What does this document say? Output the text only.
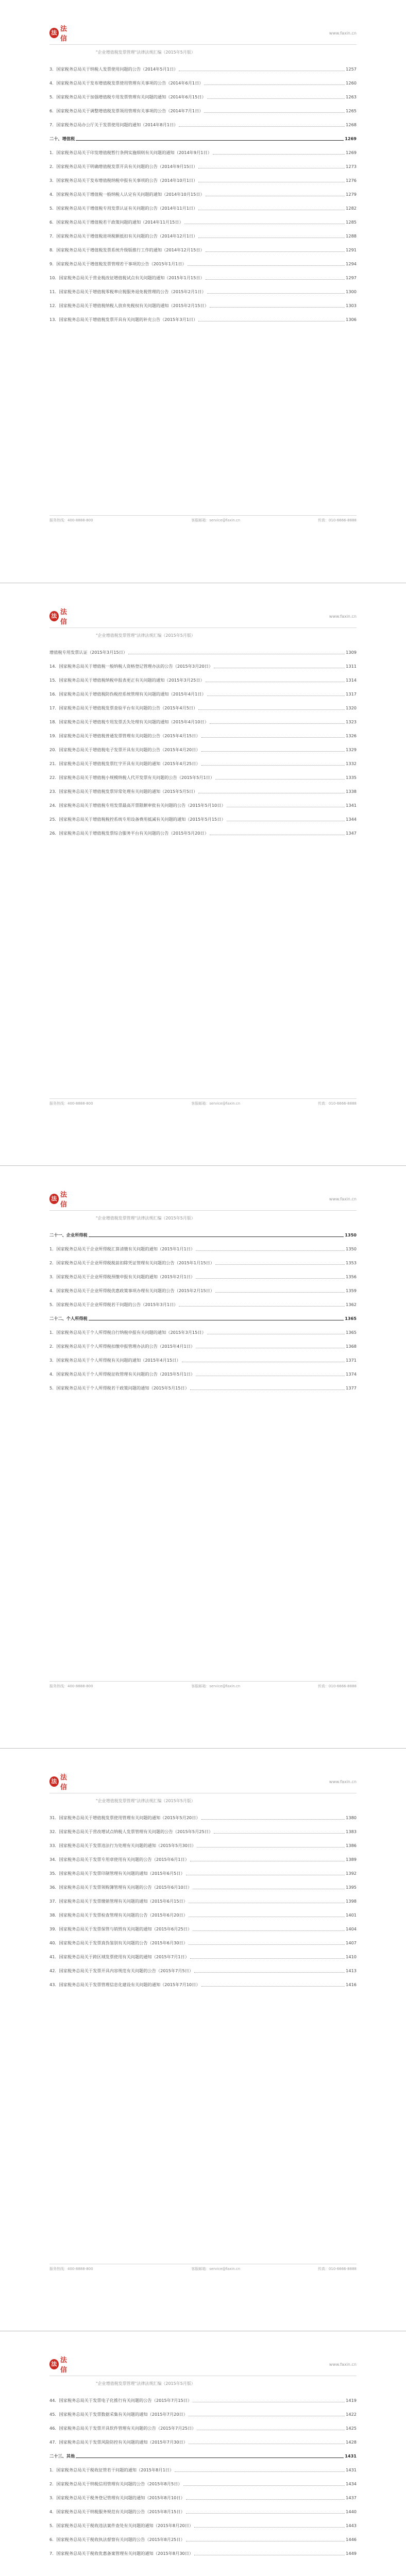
法 法信
www.faxin.cn
"企业增值税发票管理"法律法规汇编（2015年5月版）
3．国家税务总局关于纳税人发票使用问题的公告（2014年5月1日）	1257
4．国家税务总局关于发布增值税发票使用管理有关事项的公告（2014年6月1日）	1260
5．国家税务总局关于加强增值税专用发票管理有关问题的通知（2014年6月15日）	1263
6．国家税务总局关于调整增值税发票领用管理有关事项的公告（2014年7月1日）	1265
7．国家税务总局办公厅关于发票使用问题的通知（2014年8月1日）	1268
二十、增值税	1269
1．国家税务总局关于印发增值税暂行条例实施细则有关问题的通知（2014年9月1日）	1269
2．国家税务总局关于明确增值税发票开具有关问题的公告（2014年9月15日）	1273
3．国家税务总局关于发布增值税纳税申报有关事项的公告（2014年10月1日）	1276
4．国家税务总局关于增值税一般纳税人认定有关问题的通知（2014年10月15日）	1279
5．国家税务总局关于增值税专用发票认证有关问题的公告（2014年11月1日）	1282
6．国家税务总局关于增值税若干政策问题的通知（2014年11月15日）	1285
7．国家税务总局关于增值税进项税额抵扣有关问题的公告（2014年12月1日）	1288
8．国家税务总局关于增值税发票系统升级版推行工作的通知（2014年12月15日）	1291
9．国家税务总局关于增值税发票管理若干事项的公告（2015年1月1日）	1294
10．国家税务总局关于营业税改征增值税试点有关问题的通知（2015年1月15日）	1297
11．国家税务总局关于增值税零税率应税服务退免税管理的公告（2015年2月1日）	1300
12．国家税务总局关于增值税纳税人放弃免税权有关问题的通知（2015年2月15日）	1303
13．国家税务总局关于增值税发票开具有关问题的补充公告（2015年3月1日）	1306
服务热线：400-8888-800	客服邮箱：service@faxin.cn	传真：010-6666-8888
法 法信
www.faxin.cn
"企业增值税发票管理"法律法规汇编（2015年5月版）
增值税专用发票认证（2015年3月15日）	1309
14．国家税务总局关于增值税一般纳税人资格登记管理办法的公告（2015年3月20日）	1311
15．国家税务总局关于增值税纳税申报表更正有关问题的通知（2015年3月25日）	1314
16．国家税务总局关于增值税防伪税控系统管理有关问题的通知（2015年4月1日）	1317
17．国家税务总局关于增值税发票查验平台有关问题的公告（2015年4月5日）	1320
18．国家税务总局关于增值税专用发票丢失处理有关问题的通知（2015年4月10日）	1323
19．国家税务总局关于增值税普通发票管理有关问题的公告（2015年4月15日）	1326
20．国家税务总局关于增值税电子发票开具有关问题的公告（2015年4月20日）	1329
21．国家税务总局关于增值税发票红字开具有关问题的通知（2015年4月25日）	1332
22．国家税务总局关于增值税小规模纳税人代开发票有关问题的公告（2015年5月1日）	1335
23．国家税务总局关于增值税发票异常处理有关问题的通知（2015年5月5日）	1338
24．国家税务总局关于增值税专用发票最高开票限额审批有关问题的公告（2015年5月10日）	1341
25．国家税务总局关于增值税税控系统专用设备费用抵减有关问题的通知（2015年5月15日）	1344
26．国家税务总局关于增值税发票综合服务平台有关问题的公告（2015年5月20日）	1347
服务热线：400-8888-800	客服邮箱：service@faxin.cn	传真：010-6666-8888
法 法信
www.faxin.cn
"企业增值税发票管理"法律法规汇编（2015年5月版）
二十一、企业所得税	1350
1．国家税务总局关于企业所得税汇算清缴有关问题的通知（2015年1月1日）	1350
2．国家税务总局关于企业所得税税前扣除凭证管理有关问题的公告（2015年1月15日）	1353
3．国家税务总局关于企业所得税预缴申报有关问题的通知（2015年2月1日）	1356
4．国家税务总局关于企业所得税优惠政策事项办理有关问题的公告（2015年2月15日）	1359
5．国家税务总局关于企业所得税若干问题的公告（2015年3月1日）	1362
二十二、个人所得税	1365
1．国家税务总局关于个人所得税自行纳税申报有关问题的通知（2015年3月15日）	1365
2．国家税务总局关于个人所得税扣缴申报管理办法的公告（2015年4月1日）	1368
3．国家税务总局关于个人所得税有关问题的通知（2015年4月15日）	1371
4．国家税务总局关于个人所得税征收管理有关问题的公告（2015年5月1日）	1374
5．国家税务总局关于个人所得税若干政策问题的通知（2015年5月15日）	1377
服务热线：400-8888-800	客服邮箱：service@faxin.cn	传真：010-6666-8888
法 法信
www.faxin.cn
"企业增值税发票管理"法律法规汇编（2015年5月版）
31．国家税务总局关于增值税发票使用管理有关问题的通知（2015年5月20日）	1380
32．国家税务总局关于营改增试点纳税人发票管理有关问题的公告（2015年5月25日）	1383
33．国家税务总局关于发票违法行为处理有关问题的通知（2015年5月30日）	1386
34．国家税务总局关于发票专用章使用有关问题的公告（2015年6月1日）	1389
35．国家税务总局关于发票印制管理有关问题的通知（2015年6月5日）	1392
36．国家税务总局关于发票领购簿管理有关问题的公告（2015年6月10日）	1395
37．国家税务总局关于发票缴销管理有关问题的通知（2015年6月15日）	1398
38．国家税务总局关于发票检查管理有关问题的公告（2015年6月20日）	1401
39．国家税务总局关于发票保管与销毁有关问题的通知（2015年6月25日）	1404
40．国家税务总局关于发票真伪鉴别有关问题的公告（2015年6月30日）	1407
41．国家税务总局关于跨区域发票使用有关问题的通知（2015年7月1日）	1410
42．国家税务总局关于发票开具内容规范有关问题的公告（2015年7月5日）	1413
43．国家税务总局关于发票管理信息化建设有关问题的通知（2015年7月10日）	1416
服务热线：400-8888-800	客服邮箱：service@faxin.cn	传真：010-6666-8888
法 法信
www.faxin.cn
"企业增值税发票管理"法律法规汇编（2015年5月版）
44．国家税务总局关于发票电子化推行有关问题的公告（2015年7月15日）	1419
45．国家税务总局关于发票数据采集有关问题的通知（2015年7月20日）	1422
46．国家税务总局关于发票开具软件管理有关问题的公告（2015年7月25日）	1425
47．国家税务总局关于发票风险防控有关问题的通知（2015年7月30日）	1428
二十三、其他	1431
1．国家税务总局关于税收征管若干问题的通知（2015年8月1日）	1431
2．国家税务总局关于纳税信用管理有关问题的公告（2015年8月5日）	1434
3．国家税务总局关于税务登记管理有关问题的通知（2015年8月10日）	1437
4．国家税务总局关于纳税服务规范有关问题的公告（2015年8月15日）	1440
5．国家税务总局关于税收违法案件查处有关问题的通知（2015年8月20日）	1443
6．国家税务总局关于税收执法督察有关问题的公告（2015年8月25日）	1446
7．国家税务总局关于税收优惠备案管理有关问题的通知（2015年8月30日）	1449
